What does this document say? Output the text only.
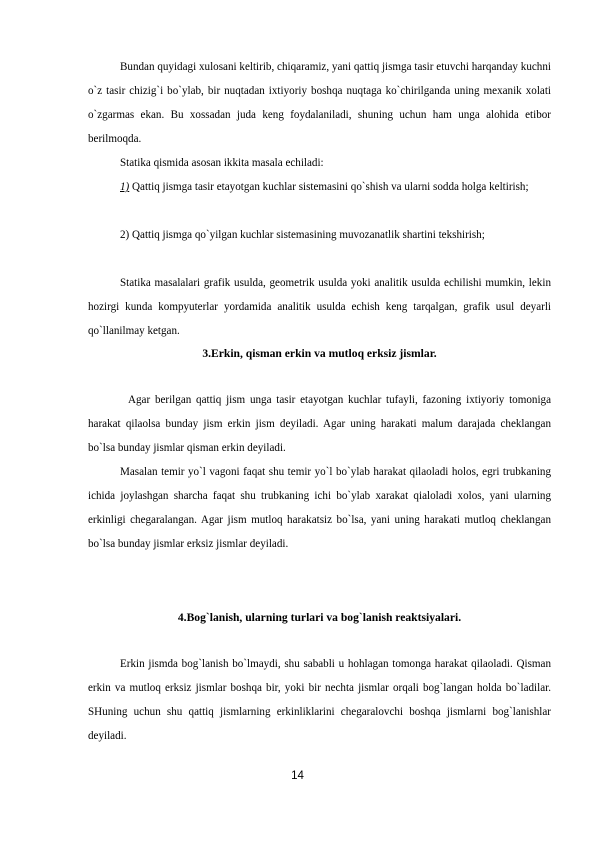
Bundan quyidagi xulosani keltirib, chiqaramiz, yani qattiq jismga tasir etuvchi harqanday kuchni o`z tasir chizig`i bo`ylab, bir nuqtadan ixtiyoriy boshqa nuqtaga ko`chirilganda uning mexanik xolati o`zgarmas ekan. Bu xossadan juda keng foydalaniladi, shuning uchun ham unga alohida etibor berilmoqda.

Statika qismida asosan ikkita masala echiladi:

1) Qattiq jismga tasir etayotgan kuchlar sistemasini qo`shish va ularni sodda holga keltirish;

2) Qattiq jismga qo`yilgan kuchlar sistemasining muvozanatlik shartini tekshirish;

Statika masalalari grafik usulda, geometrik usulda yoki analitik usulda echilishi mumkin, lekin hozirgi kunda kompyuterlar yordamida analitik usulda echish keng tarqalgan, grafik usul deyarli qo`llanilmay ketgan.

3.Erkin, qisman erkin va mutloq erksiz jismlar.

Agar berilgan qattiq jism unga tasir etayotgan kuchlar tufayli, fazoning ixtiyoriy tomoniga harakat qilaolsa bunday jism erkin jism deyiladi. Agar uning harakati malum darajada cheklangan bo`lsa bunday jismlar qisman erkin deyiladi.

Masalan temir yo`l vagoni faqat shu temir yo`l bo`ylab harakat qilaoladi holos, egri trubkaning ichida joylashgan sharcha faqat shu trubkaning ichi bo`ylab xarakat qialoladi xolos, yani ularning erkinligi chegaralangan. Agar jism mutloq harakatsiz bo`lsa, yani uning harakati mutloq cheklangan bo`lsa bunday jismlar erksiz jismlar deyiladi.

4.Bog`lanish, ularning turlari va bog`lanish reaktsiyalari.

Erkin jismda bog`lanish bo`lmaydi, shu sababli u hohlagan tomonga harakat qilaoladi. Qisman erkin va mutloq erksiz jismlar boshqa bir, yoki bir nechta jismlar orqali bog`langan holda bo`ladilar. SHuning uchun shu qattiq jismlarning erkinliklarini chegaralovchi boshqa jismlarni bog`lanishlar deyiladi.

14
